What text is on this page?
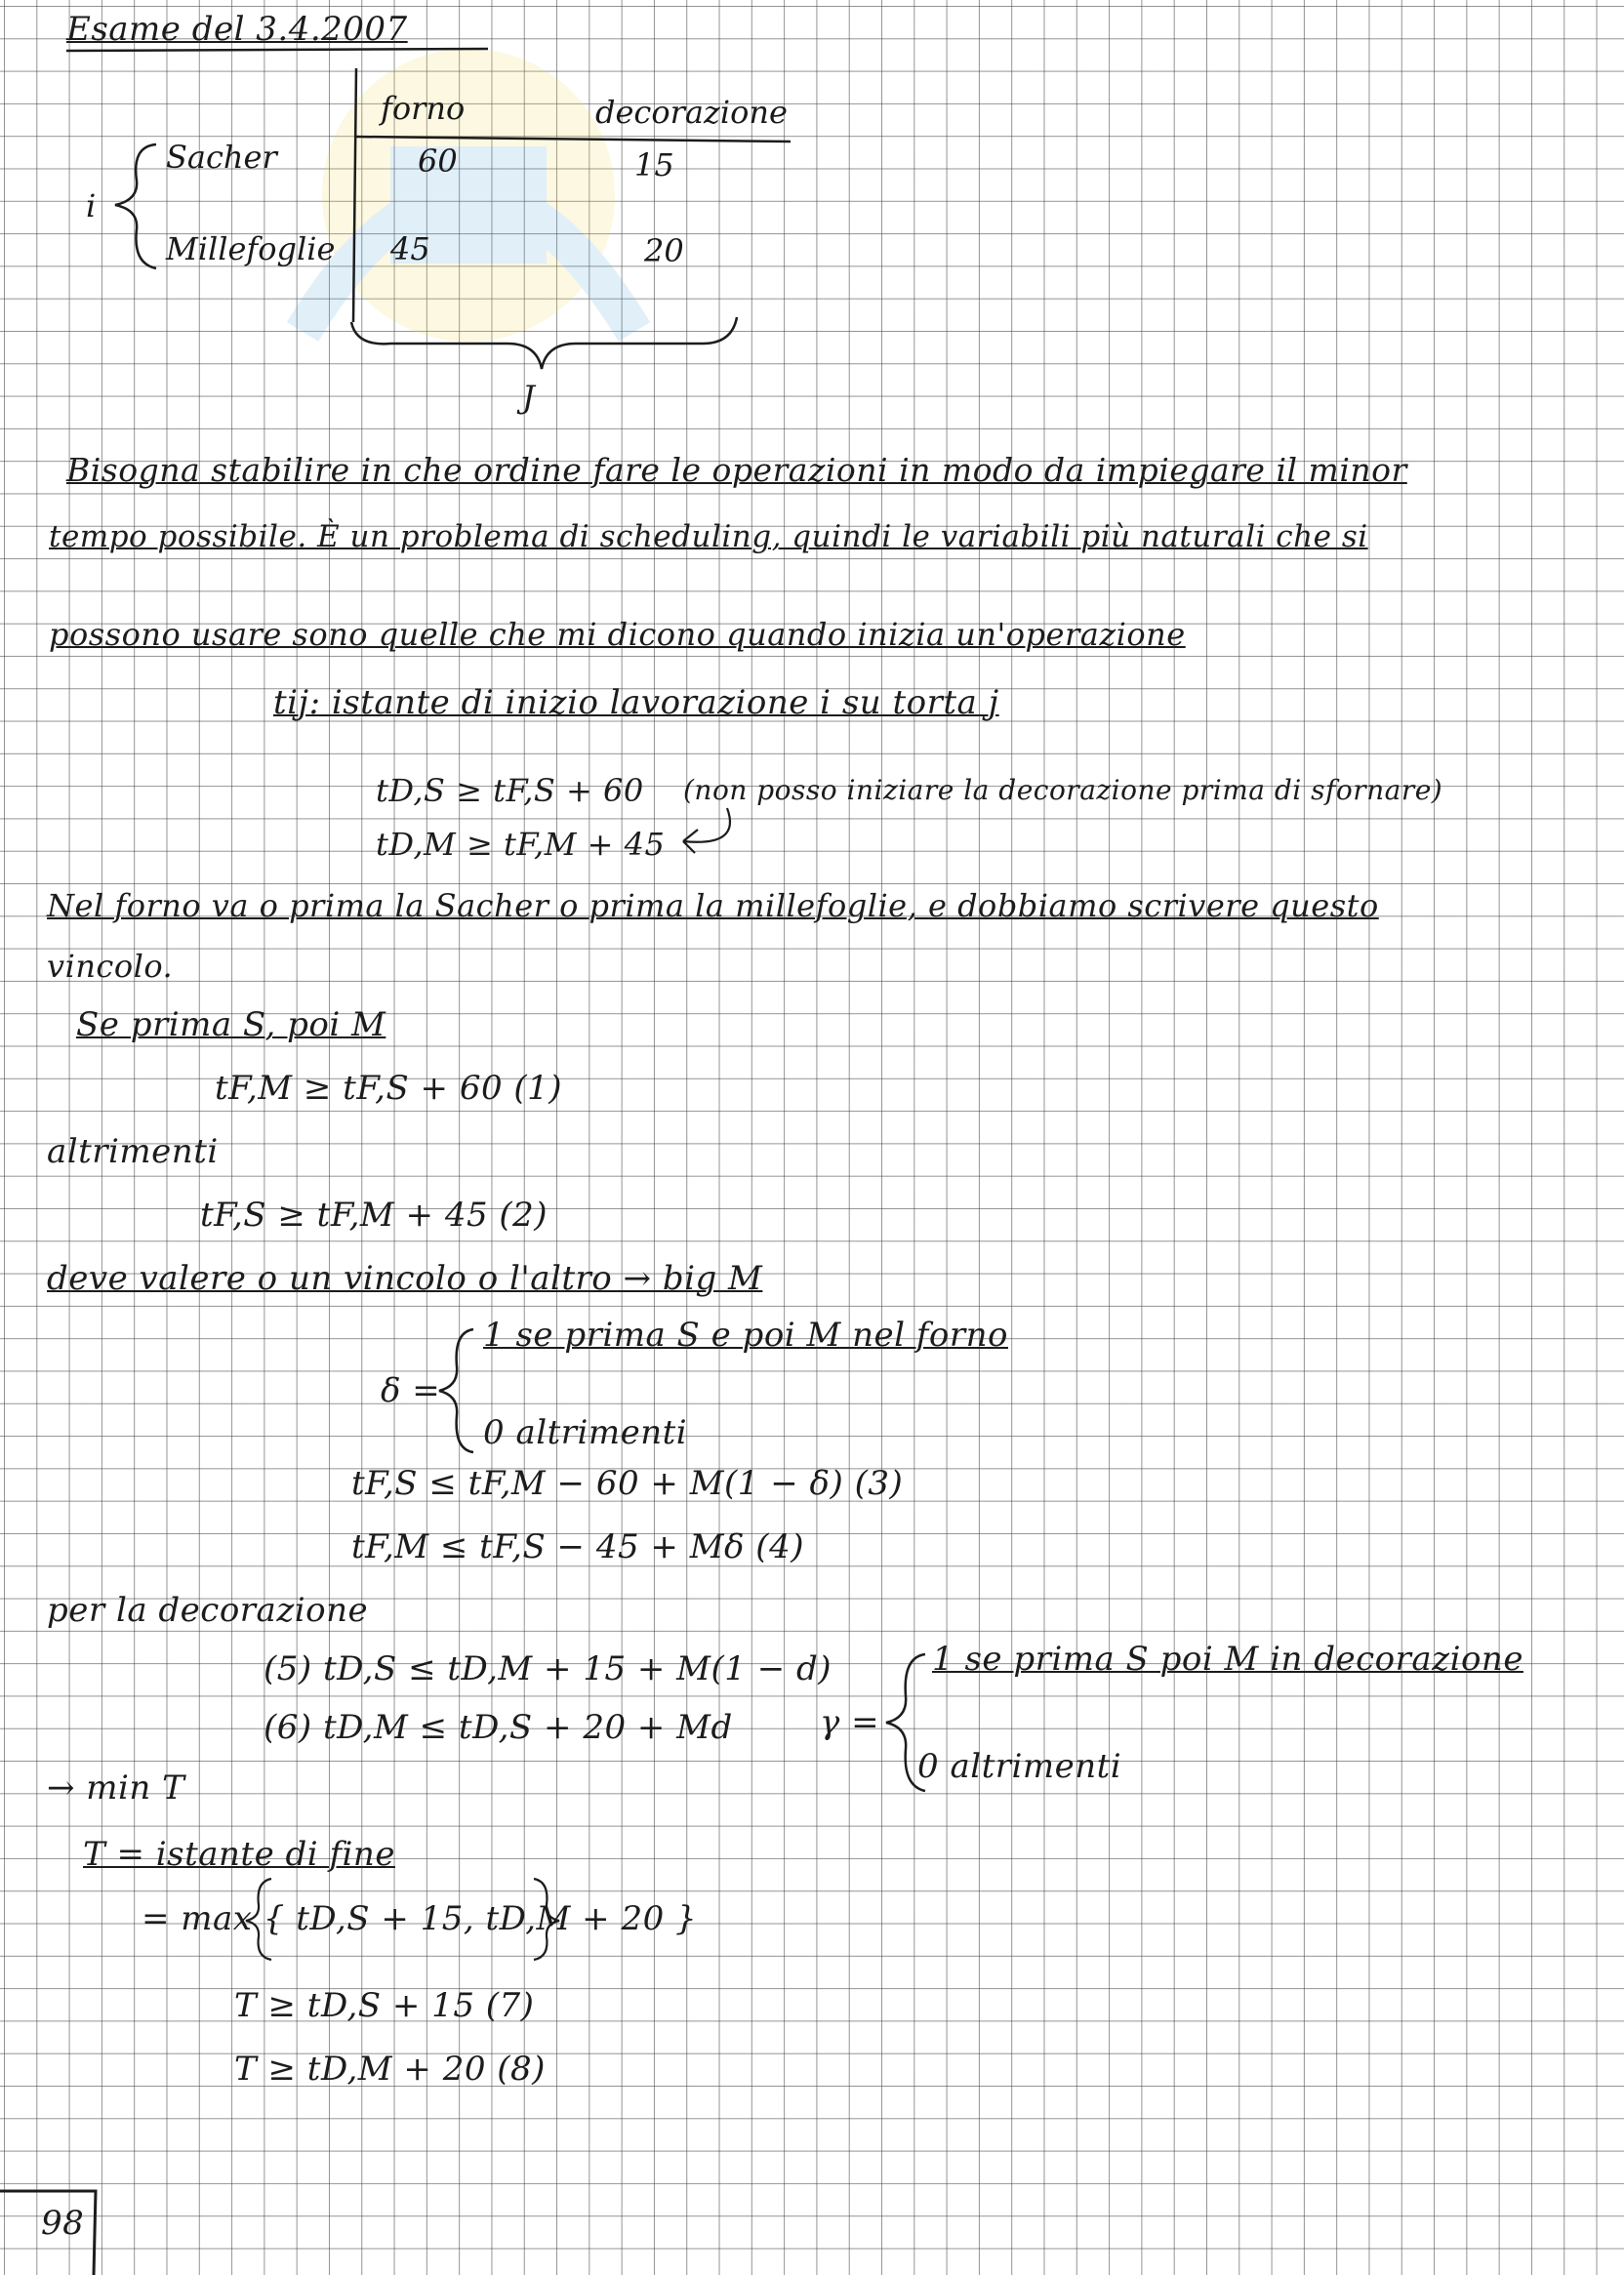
Esame del 3.4.2007

forno	decorazione
i
Sacher	60	15
Millefoglie 45	20
J

Bisogna stabilire in che ordine fare le operazioni in modo da impiegare il minor

tempo possibile. È un problema di scheduling, quindi le variabili più naturali che si

possono usare sono quelle che mi dicono quando inizia un'operazione

tij: istante di inizio lavorazione i su torta j

tD,S ≥ tF,S + 60 (non posso iniziare la decorazione prima di sfornare)

tD,M ≥ tF,M + 45

Nel forno va o prima la Sacher o prima la millefoglie, e dobbiamo scrivere questo

vincolo.

Se prima S, poi M

tF,M ≥ tF,S + 60 (1)

altrimenti

tF,S ≥ tF,M + 45 (2)

deve valere o un vincolo o l'altro → big M

δ =

1 se prima S e poi M nel forno

0 altrimenti

tF,S ≤ tF,M − 60 + M(1 − δ) (3)

tF,M ≤ tF,S − 45 + Mδ (4)

per la decorazione

(5) tD,S ≤ tD,M + 15 + M(1 − d)

(6) tD,M ≤ tD,S + 20 + Md	γ =

1 se prima S poi M in decorazione

0 altrimenti

→ min T

T = istante di fine

= max { tD,S + 15, tD,M + 20 }

T ≥ tD,S + 15 (7)

T ≥ tD,M + 20 (8)

98
